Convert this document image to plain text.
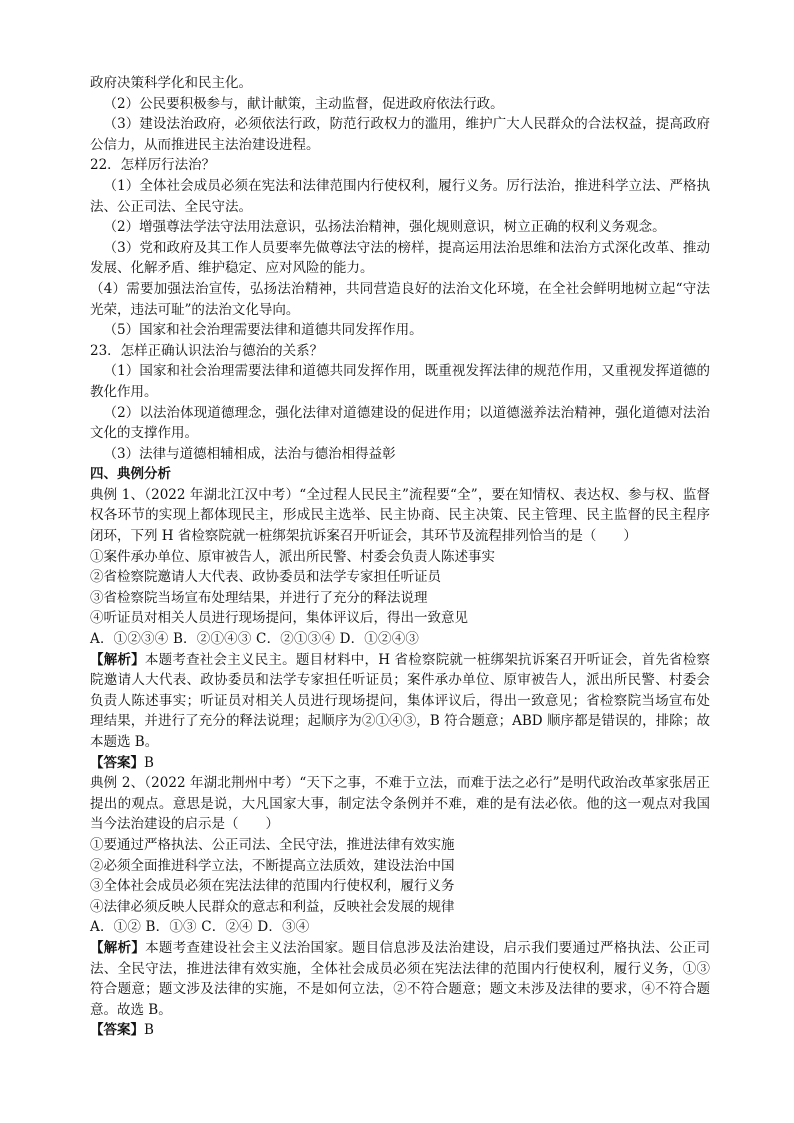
政府决策科学化和民主化。
（2）公民要积极参与，献计献策，主动监督，促进政府依法行政。
（3）建设法治政府，必须依法行政，防范行政权力的滥用，维护广大人民群众的合法权益，提高政府公信力，从而推进民主法治建设进程。
22．怎样厉行法治？
（1）全体社会成员必须在宪法和法律范围内行使权利，履行义务。厉行法治，推进科学立法、严格执法、公正司法、全民守法。
（2）增强尊法学法守法用法意识，弘扬法治精神，强化规则意识，树立正确的权利义务观念。
（3）党和政府及其工作人员要率先做尊法守法的榜样，提高运用法治思维和法治方式深化改革、推动发展、化解矛盾、维护稳定、应对风险的能力。
（4）需要加强法治宣传，弘扬法治精神，共同营造良好的法治文化环境，在全社会鲜明地树立起“守法光荣，违法可耻”的法治文化导向。
（5）国家和社会治理需要法律和道德共同发挥作用。
23．怎样正确认识法治与德治的关系？
（1）国家和社会治理需要法律和道德共同发挥作用，既重视发挥法律的规范作用，又重视发挥道德的教化作用。
（2）以法治体现道德理念，强化法律对道德建设的促进作用；以道德滋养法治精神，强化道德对法治文化的支撑作用。
（3）法律与道德相辅相成，法治与德治相得益彰
四、典例分析
典例 1、（2022 年湖北江汉中考）“全过程人民民主”流程要“全”，要在知情权、表达权、参与权、监督权各环节的实现上都体现民主，形成民主选举、民主协商、民主决策、民主管理、民主监督的民主程序闭环，下列 H 省检察院就一桩绑架抗诉案召开听证会，其环节及流程排列恰当的是（　　）
①案件承办单位、原审被告人，派出所民警、村委会负责人陈述事实
②省检察院邀请人大代表、政协委员和法学专家担任听证员
③省检察院当场宣布处理结果，并进行了充分的释法说理
④听证员对相关人员进行现场提问，集体评议后，得出一致意见
A．①②③④ B．②①④③ C．②①③④ D．①②④③
【解析】本题考查社会主义民主。题目材料中，H 省检察院就一桩绑架抗诉案召开听证会，首先省检察院邀请人大代表、政协委员和法学专家担任听证员；案件承办单位、原审被告人，派出所民警、村委会负责人陈述事实；听证员对相关人员进行现场提问，集体评议后，得出一致意见；省检察院当场宣布处理结果，并进行了充分的释法说理；起顺序为②①④③，B 符合题意；ABD 顺序都是错误的，排除；故本题选 B。
【答案】B
典例 2、（2022 年湖北荆州中考）“天下之事，不难于立法，而难于法之必行”是明代政治改革家张居正提出的观点。意思是说，大凡国家大事，制定法令条例并不难，难的是有法必依。他的这一观点对我国当今法治建设的启示是（　　）
①要通过严格执法、公正司法、全民守法，推进法律有效实施
②必须全面推进科学立法，不断提高立法质效，建设法治中国
③全体社会成员必须在宪法法律的范围内行使权利，履行义务
④法律必须反映人民群众的意志和利益，反映社会发展的规律
A．①② B．①③ C．②④ D．③④
【解析】本题考查建设社会主义法治国家。题目信息涉及法治建设，启示我们要通过严格执法、公正司法、全民守法，推进法律有效实施，全体社会成员必须在宪法法律的范围内行使权利，履行义务，①③符合题意；题文涉及法律的实施，不是如何立法，②不符合题意；题文未涉及法律的要求，④不符合题意。故选 B。
【答案】B
